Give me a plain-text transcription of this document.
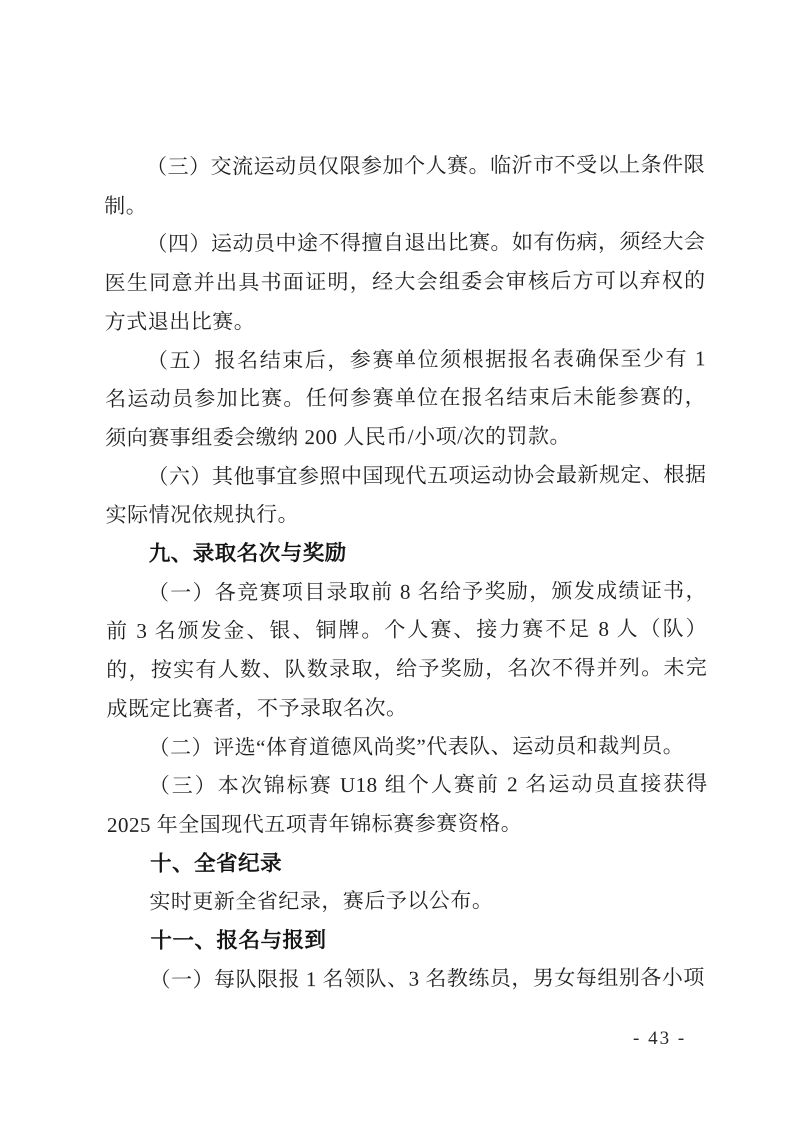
（三）交流运动员仅限参加个人赛。临沂市不受以上条件限制。

（四）运动员中途不得擅自退出比赛。如有伤病，须经大会医生同意并出具书面证明，经大会组委会审核后方可以弃权的方式退出比赛。

（五）报名结束后，参赛单位须根据报名表确保至少有 1 名运动员参加比赛。任何参赛单位在报名结束后未能参赛的，须向赛事组委会缴纳 200 人民币/小项/次的罚款。

（六）其他事宜参照中国现代五项运动协会最新规定、根据实际情况依规执行。

九、录取名次与奖励

（一）各竞赛项目录取前 8 名给予奖励，颁发成绩证书，前 3 名颁发金、银、铜牌。个人赛、接力赛不足 8 人（队）的，按实有人数、队数录取，给予奖励，名次不得并列。未完成既定比赛者，不予录取名次。

（二）评选“体育道德风尚奖”代表队、运动员和裁判员。

（三）本次锦标赛 U18 组个人赛前 2 名运动员直接获得 2025 年全国现代五项青年锦标赛参赛资格。

十、全省纪录

实时更新全省纪录，赛后予以公布。

十一、报名与报到

（一）每队限报 1 名领队、3 名教练员，男女每组别各小项

- 43 -
